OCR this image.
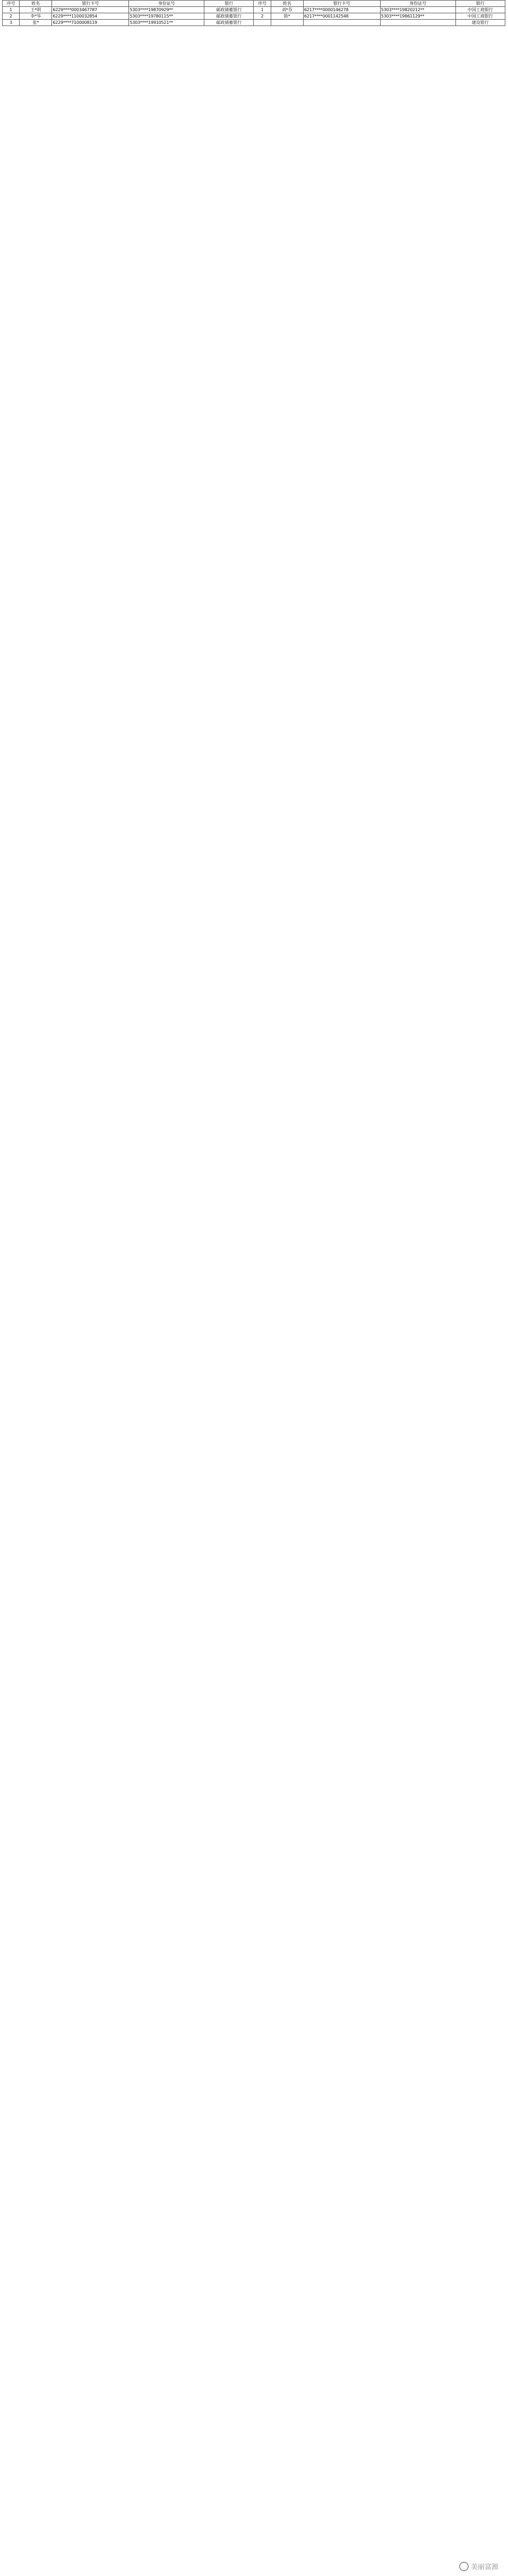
序号	姓名	银行卡号	身份证号	银行	序号	姓名	银行卡号	身份证号	银行
1	王*明	6229****0003467787	5303****19870929**	邮政储蓄银行	1	刘*芬	6217****0000146278	5303****19820212**	中国工商银行
2	李*华	6229****1100032854	5303****19780115**	邮政储蓄银行	2	陈*	6217****0001142548	5303****19861129**	中国工商银行
3	张*	6229****7100008119	5303****19910521**	邮政储蓄银行					建设银行
美丽富源
